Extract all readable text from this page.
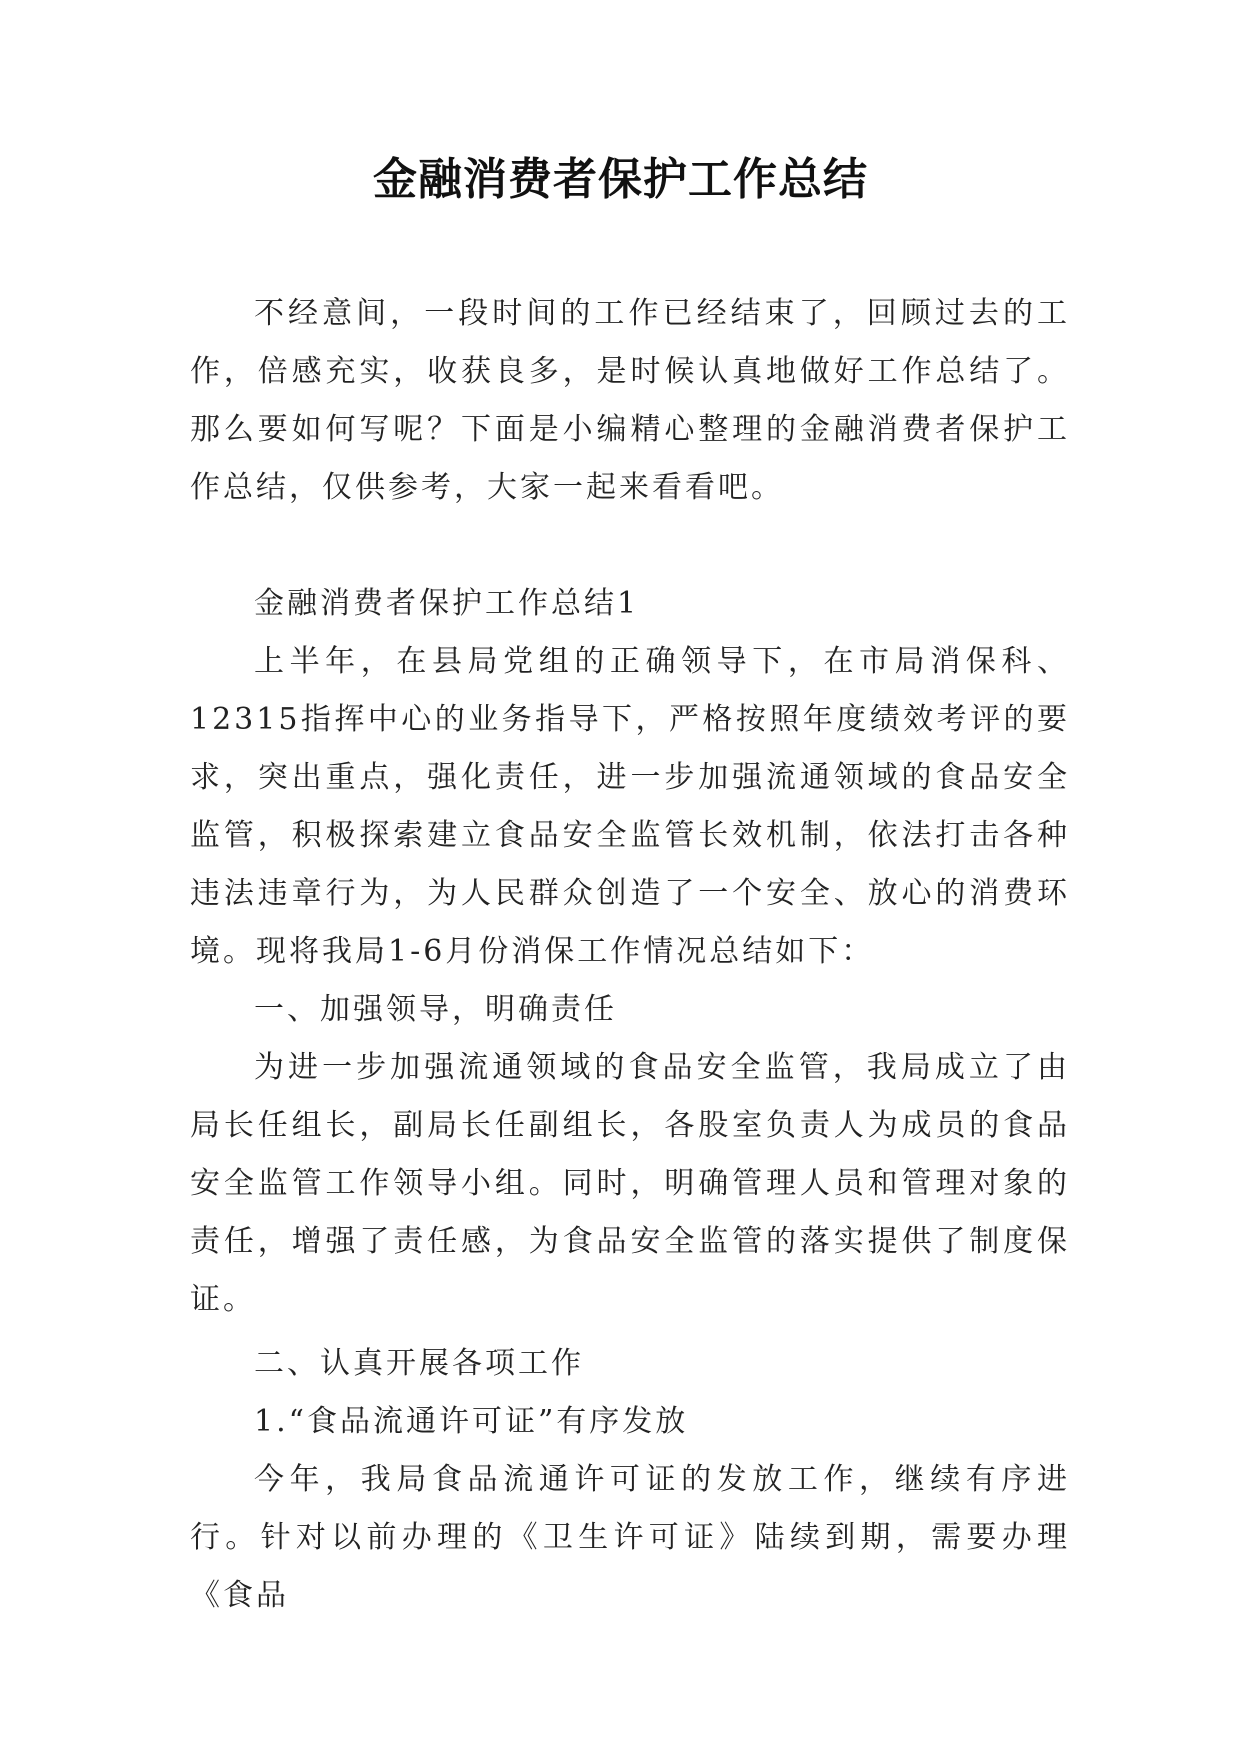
金融消费者保护工作总结

不经意间，一段时间的工作已经结束了，回顾过去的工作，倍感充实，收获良多，是时候认真地做好工作总结了。那么要如何写呢？下面是小编精心整理的金融消费者保护工作总结，仅供参考，大家一起来看看吧。

金融消费者保护工作总结1

上半年，在县局党组的正确领导下，在市局消保科、12315指挥中心的业务指导下，严格按照年度绩效考评的要求，突出重点，强化责任，进一步加强流通领域的食品安全监管，积极探索建立食品安全监管长效机制，依法打击各种违法违章行为，为人民群众创造了一个安全、放心的消费环境。现将我局1-6月份消保工作情况总结如下：

一、加强领导，明确责任

为进一步加强流通领域的食品安全监管，我局成立了由局长任组长，副局长任副组长，各股室负责人为成员的食品安全监管工作领导小组。同时，明确管理人员和管理对象的责任，增强了责任感，为食品安全监管的落实提供了制度保证。

二、认真开展各项工作

1.“食品流通许可证”有序发放

今年，我局食品流通许可证的发放工作，继续有序进行。针对以前办理的《卫生许可证》陆续到期，需要办理《食品
